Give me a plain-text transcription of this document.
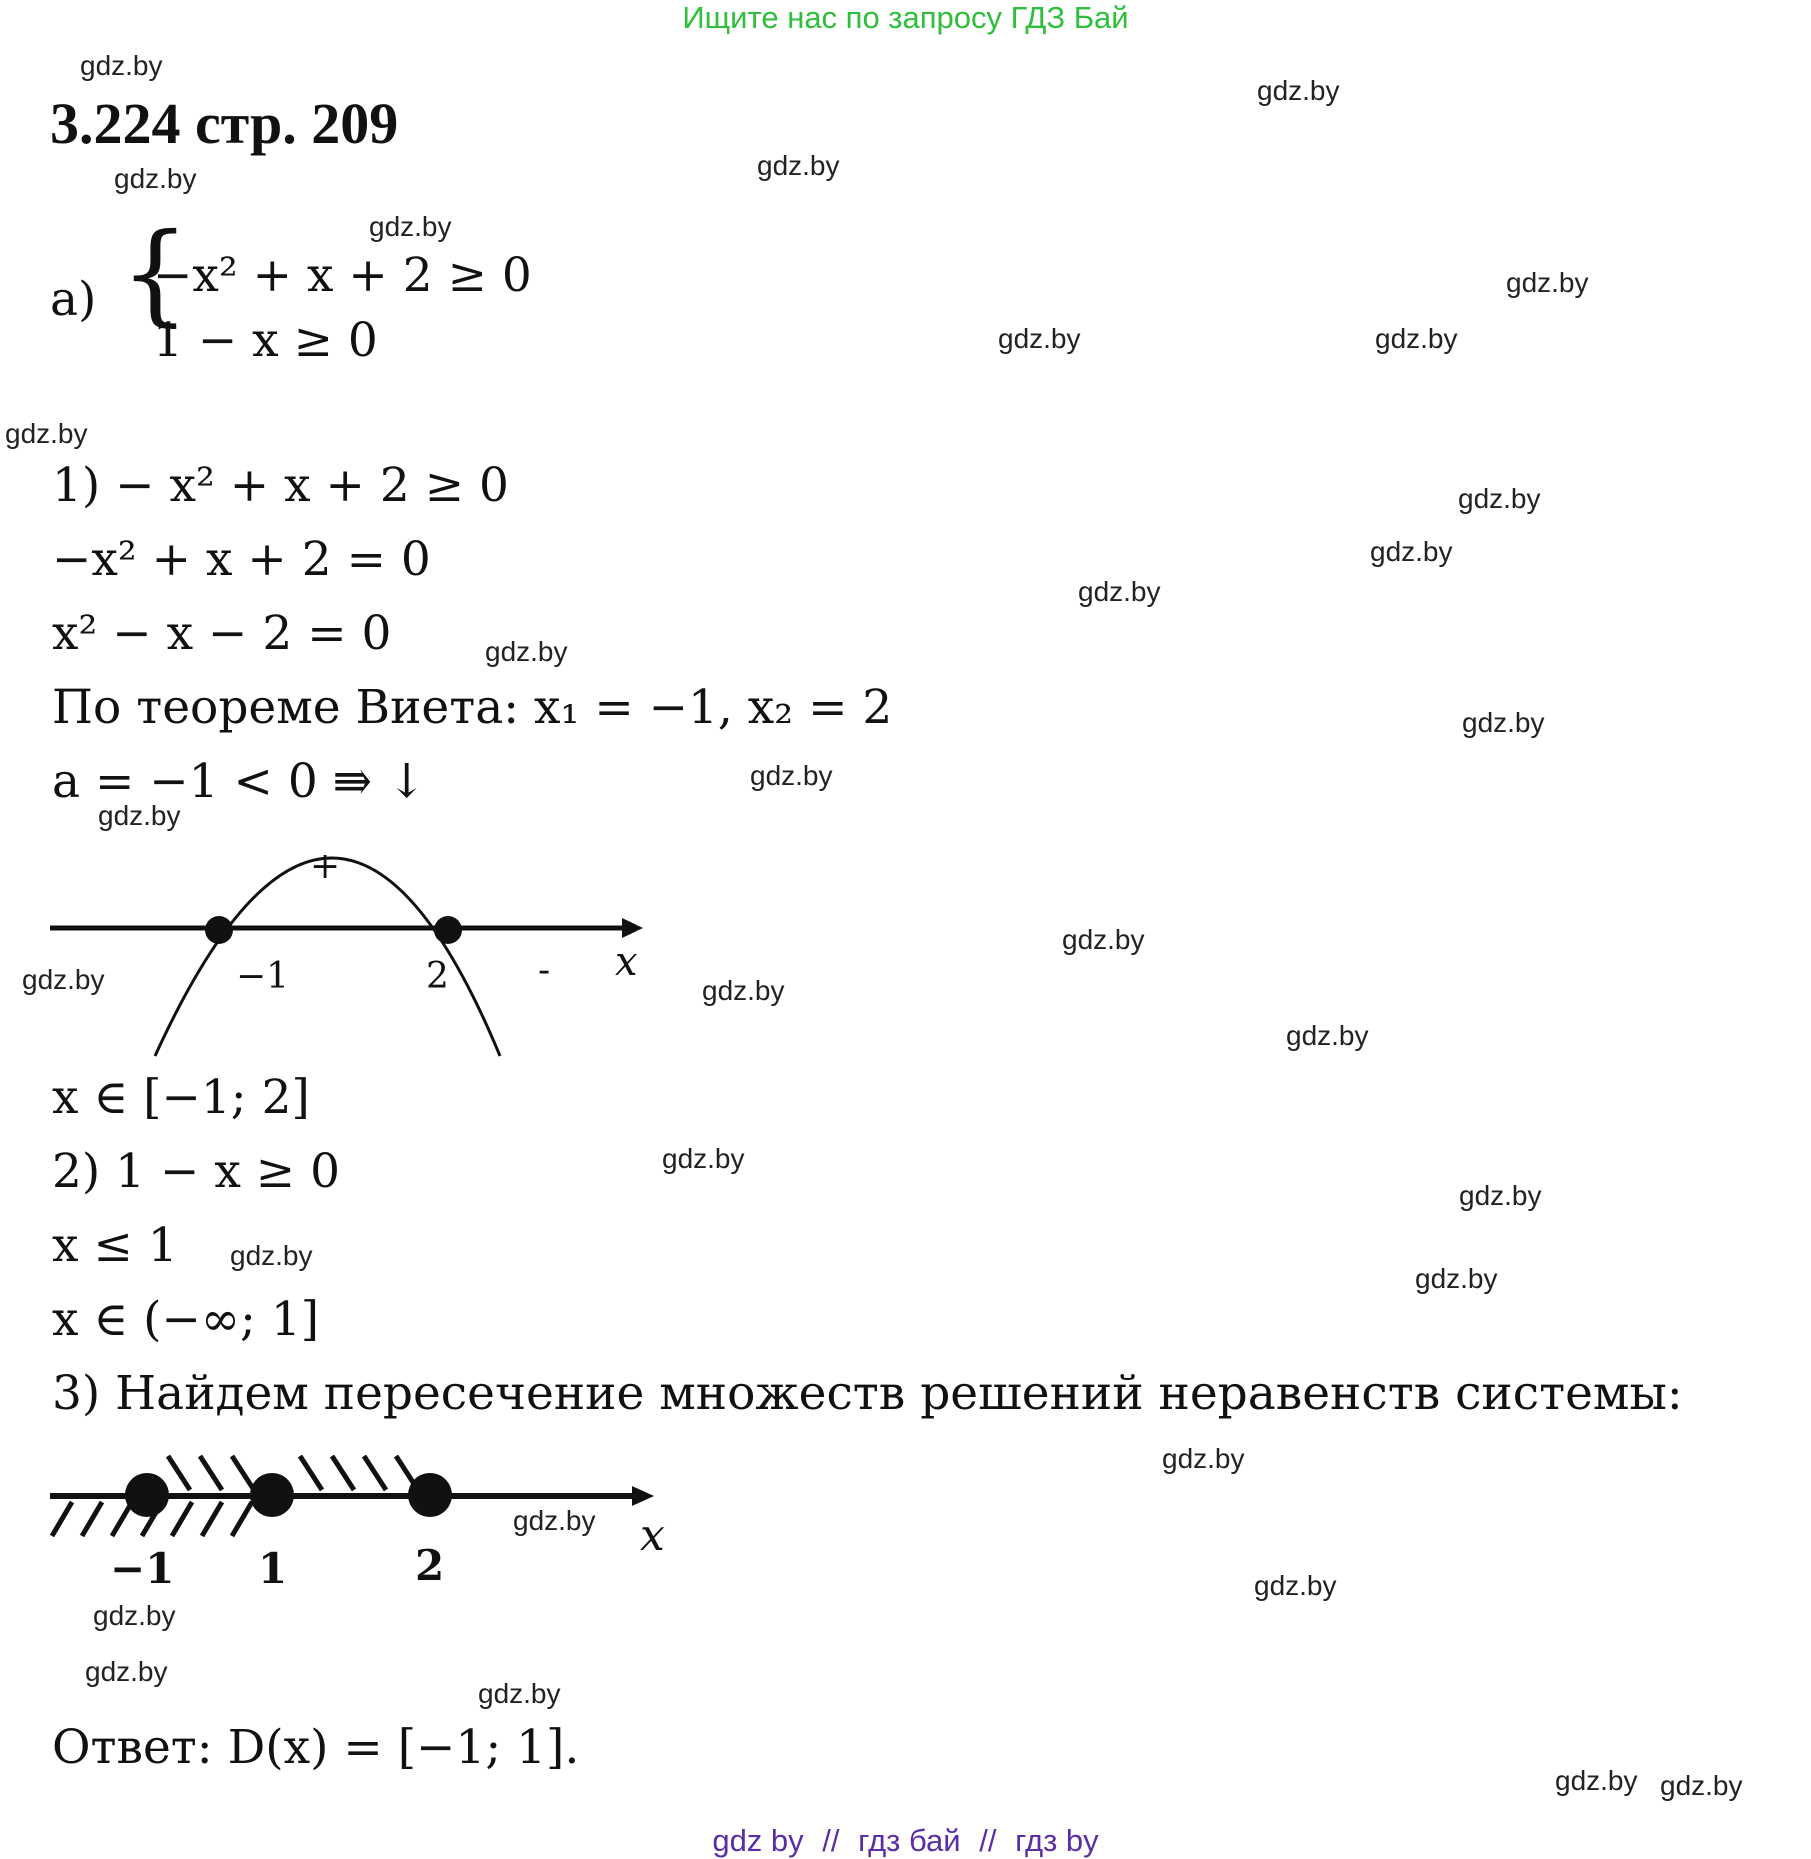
Ищите нас по запросу ГДЗ Бай
3.224 стр. 209
a) {
−x² + x + 2 ≥ 0
1 − x ≥ 0
1) − x² + x + 2 ≥ 0
−x² + x + 2 = 0
x² − x − 2 = 0
По теореме Виета: x₁ = −1, x₂ = 2
a = −1 < 0 ⇛ ↓
+
−1	2 - x
x ∈ [−1; 2]
2) 1 − x ≥ 0
x ≤ 1
x ∈ (−∞; 1]
3) Найдем пересечение множеств решений неравенств системы:
−1 1	2
x
Ответ: D(x) = [−1; 1].
gdz.by
gdz.by
gdz.by	gdz.by
gdz.by
gdz.by
gdz.by	gdz.by
gdz.by
gdz.by
gdz.by
gdz.by
gdz.by
gdz.by
gdz.by
gdz.by
gdz.by
gdz.by	gdz.by
gdz.by
gdz.by
gdz.by
gdz.by
gdz.by
gdz.by
gdz.by
gdz.by
gdz.by
gdz.by
gdz.by
gdz.by gdz.by
gdz by // гдз бай // гдз by
